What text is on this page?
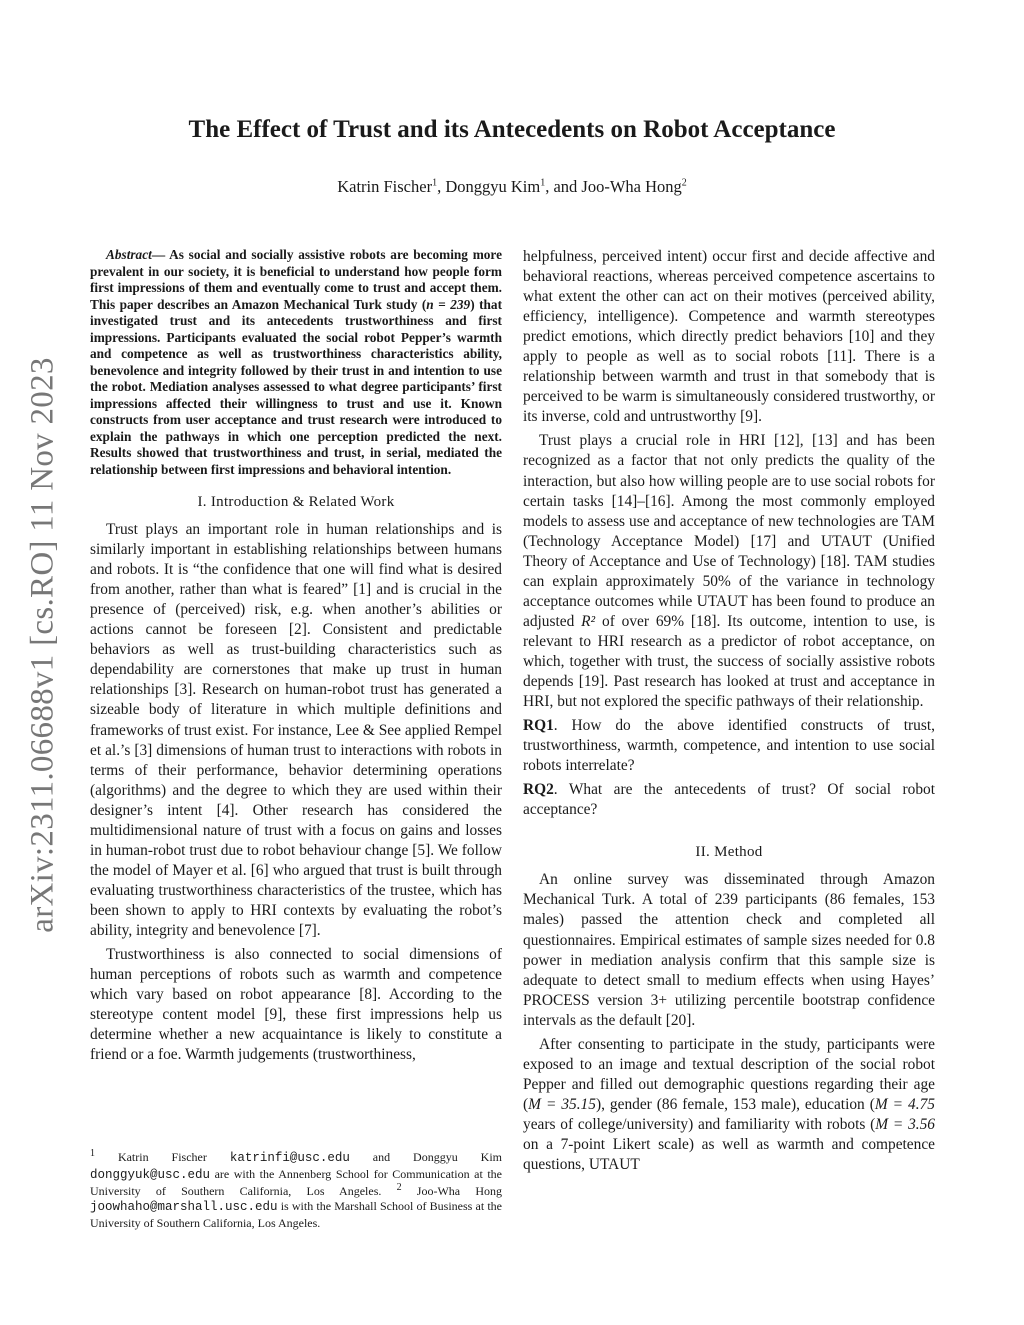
arXiv:2311.06688v1 [cs.RO] 11 Nov 2023
The Effect of Trust and its Antecedents on Robot Acceptance
Katrin Fischer$^1$, Donggyu Kim$^1$, and Joo-Wha Hong$^2$

Abstract— As social and socially assistive robots are becoming more prevalent in our society, it is beneficial to understand how people form first impressions of them and eventually come to trust and accept them. This paper describes an Amazon Mechanical Turk study (n = 239) that investigated trust and its antecedents trustworthiness and first impressions. Participants evaluated the social robot Pepper’s warmth and competence as well as trustworthiness characteristics ability, benevolence and integrity followed by their trust in and intention to use the robot. Mediation analyses assessed to what degree participants’ first impressions affected their willingness to trust and use it. Known constructs from user acceptance and trust research were introduced to explain the pathways in which one perception predicted the next. Results showed that trustworthiness and trust, in serial, mediated the relationship between first impressions and behavioral intention.

I. Introduction & Related Work

Trust plays an important role in human relationships and is similarly important in establishing relationships between humans and robots. It is “the confidence that one will find what is desired from another, rather than what is feared” [1] and is crucial in the presence of (perceived) risk, e.g. when another’s abilities or actions cannot be foreseen [2]. Consistent and predictable behaviors as well as trust-building characteristics such as dependability are cornerstones that make up trust in human relationships [3]. Research on human-robot trust has generated a sizeable body of literature in which multiple definitions and frameworks of trust exist. For instance, Lee & See applied Rempel et al.’s [3] dimensions of human trust to interactions with robots in terms of their performance, behavior determining operations (algorithms) and the degree to which they are used within their designer’s intent [4]. Other research has considered the multidimensional nature of trust with a focus on gains and losses in human-robot trust due to robot behaviour change [5]. We follow the model of Mayer et al. [6] who argued that trust is built through evaluating trustworthiness characteristics of the trustee, which has been shown to apply to HRI contexts by evaluating the robot’s ability, integrity and benevolence [7].

Trustworthiness is also connected to social dimensions of human perceptions of robots such as warmth and competence which vary based on robot appearance [8]. According to the stereotype content model [9], these first impressions help us determine whether a new acquaintance is likely to constitute a friend or a foe. Warmth judgements (trustworthiness,

$^1$ Katrin Fischer katrinfi@usc.edu and Donggyu Kim donggyuk@usc.edu are with the Annenberg School for Communication at the University of Southern California, Los Angeles. $^2$ Joo-Wha Hong joowhaho@marshall.usc.edu is with the Marshall School of Business at the University of Southern California, Los Angeles.

helpfulness, perceived intent) occur first and decide affective and behavioral reactions, whereas perceived competence ascertains to what extent the other can act on their motives (perceived ability, efficiency, intelligence). Competence and warmth stereotypes predict emotions, which directly predict behaviors [10] and they apply to people as well as to social robots [11]. There is a relationship between warmth and trust in that somebody that is perceived to be warm is simultaneously considered trustworthy, or its inverse, cold and untrustworthy [9].

Trust plays a crucial role in HRI [12], [13] and has been recognized as a factor that not only predicts the quality of the interaction, but also how willing people are to use social robots for certain tasks [14]–[16]. Among the most commonly employed models to assess use and acceptance of new technologies are TAM (Technology Acceptance Model) [17] and UTAUT (Unified Theory of Acceptance and Use of Technology) [18]. TAM studies can explain approximately 50% of the variance in technology acceptance outcomes while UTAUT has been found to produce an adjusted R² of over 69% [18]. Its outcome, intention to use, is relevant to HRI research as a predictor of robot acceptance, on which, together with trust, the success of socially assistive robots depends [19]. Past research has looked at trust and acceptance in HRI, but not explored the specific pathways of their relationship.

RQ1. How do the above identified constructs of trust, trustworthiness, warmth, competence, and intention to use social robots interrelate?

RQ2. What are the antecedents of trust? Of social robot acceptance?

II. Method

An online survey was disseminated through Amazon Mechanical Turk. A total of 239 participants (86 females, 153 males) passed the attention check and completed all questionnaires. Empirical estimates of sample sizes needed for 0.8 power in mediation analysis confirm that this sample size is adequate to detect small to medium effects when using Hayes’ PROCESS version 3+ utilizing percentile bootstrap confidence intervals as the default [20].

After consenting to participate in the study, participants were exposed to an image and textual description of the social robot Pepper and filled out demographic questions regarding their age (M = 35.15), gender (86 female, 153 male), education (M = 4.75 years of college/university) and familiarity with robots (M = 3.56 on a 7-point Likert scale) as well as warmth and competence questions, UTAUT
